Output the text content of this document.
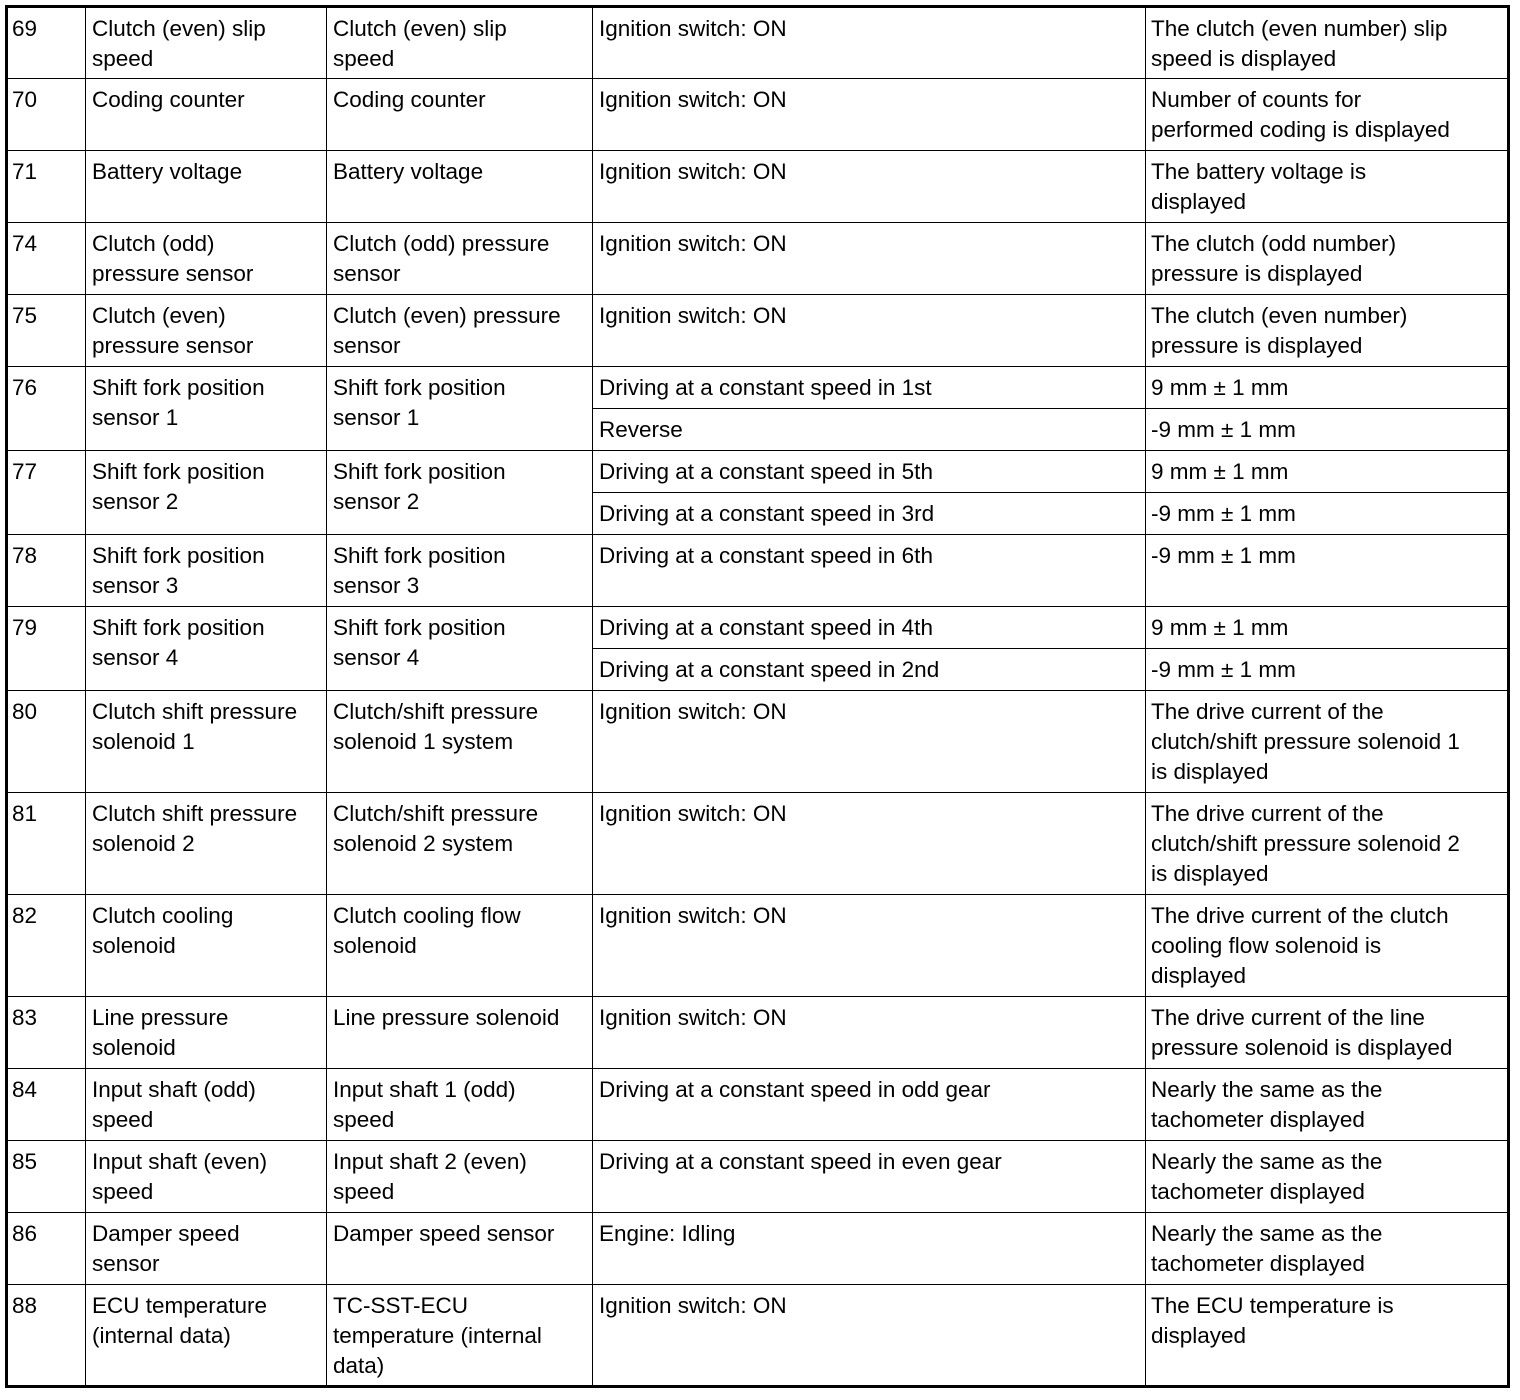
69	Clutch (even) slip
speed	Clutch (even) slip
speed	Ignition switch: ON	The clutch (even number) slip
speed is displayed
70	Coding counter	Coding counter	Ignition switch: ON	Number of counts for
performed coding is displayed
71	Battery voltage	Battery voltage	Ignition switch: ON	The battery voltage is
displayed
74	Clutch (odd)
pressure sensor	Clutch (odd) pressure
sensor	Ignition switch: ON	The clutch (odd number)
pressure is displayed
75	Clutch (even)
pressure sensor	Clutch (even) pressure
sensor	Ignition switch: ON	The clutch (even number)
pressure is displayed
76	Shift fork position
sensor 1	Shift fork position
sensor 1	Driving at a constant speed in 1st	9 mm ± 1 mm
			Reverse	-9 mm ± 1 mm
77	Shift fork position
sensor 2	Shift fork position
sensor 2	Driving at a constant speed in 5th	9 mm ± 1 mm
			Driving at a constant speed in 3rd	-9 mm ± 1 mm
78	Shift fork position
sensor 3	Shift fork position
sensor 3	Driving at a constant speed in 6th	-9 mm ± 1 mm
79	Shift fork position
sensor 4	Shift fork position
sensor 4	Driving at a constant speed in 4th	9 mm ± 1 mm
			Driving at a constant speed in 2nd	-9 mm ± 1 mm
80	Clutch shift pressure
solenoid 1	Clutch/shift pressure
solenoid 1 system	Ignition switch: ON	The drive current of the
clutch/shift pressure solenoid 1
is displayed
81	Clutch shift pressure
solenoid 2	Clutch/shift pressure
solenoid 2 system	Ignition switch: ON	The drive current of the
clutch/shift pressure solenoid 2
is displayed
82	Clutch cooling
solenoid	Clutch cooling flow
solenoid	Ignition switch: ON	The drive current of the clutch
cooling flow solenoid is
displayed
83	Line pressure
solenoid	Line pressure solenoid	Ignition switch: ON	The drive current of the line
pressure solenoid is displayed
84	Input shaft (odd)
speed	Input shaft 1 (odd)
speed	Driving at a constant speed in odd gear	Nearly the same as the
tachometer displayed
85	Input shaft (even)
speed	Input shaft 2 (even)
speed	Driving at a constant speed in even gear	Nearly the same as the
tachometer displayed
86	Damper speed
sensor	Damper speed sensor	Engine: Idling	Nearly the same as the
tachometer displayed
88	ECU temperature
(internal data)	TC-SST-ECU
temperature (internal
data)	Ignition switch: ON	The ECU temperature is
displayed
